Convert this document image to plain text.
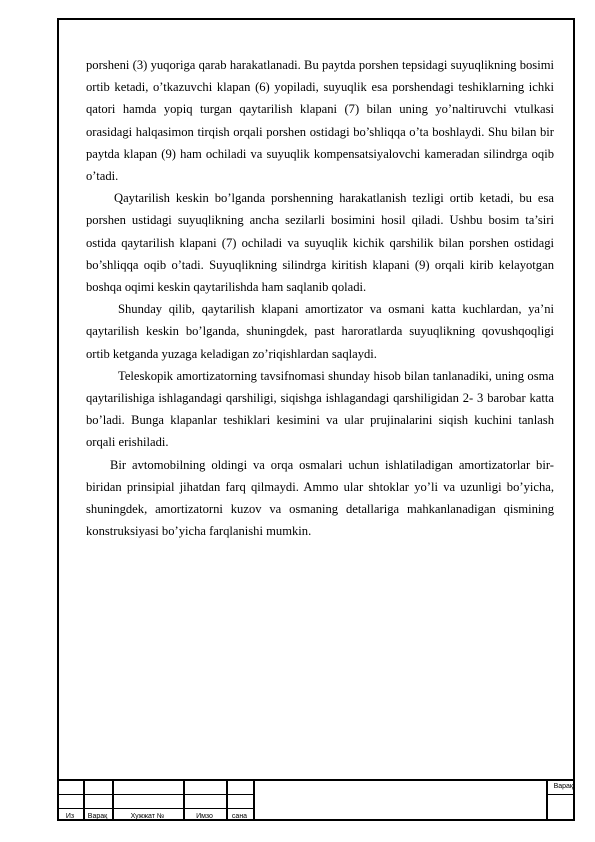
porsheni (3) yuqoriga qarab harakatlanadi. Bu paytda porshen tepsidagi suyuqlikning bosimi ortib ketadi, o’tkazuvchi klapan (6) yopiladi, suyuqlik esa porshendagi teshiklarning ichki qatori hamda yopiq turgan qaytarilish klapani (7) bilan uning yo’naltiruvchi vtulkasi orasidagi halqasimon tirqish orqali porshen ostidagi bo’shliqqa o’ta boshlaydi. Shu bilan bir paytda klapan (9) ham ochiladi va suyuqlik kompensatsiyalovchi kameradan silindrga oqib o’tadi.

Qaytarilish keskin bo’lganda porshenning harakatlanish tezligi ortib ketadi, bu esa porshen ustidagi suyuqlikning ancha sezilarli bosimini hosil qiladi. Ushbu bosim ta’siri ostida qaytarilish klapani (7) ochiladi va suyuqlik kichik qarshilik bilan porshen ostidagi bo’shliqqa oqib o’tadi. Suyuqlikning silindrga kiritish klapani (9) orqali kirib kelayotgan boshqa oqimi keskin qaytarilishda ham saqlanib qoladi.

Shunday qilib, qaytarilish klapani amortizator va osmani katta kuchlardan, ya’ni qaytarilish keskin bo’lganda, shuningdek, past haroratlarda suyuqlikning qovushqoqligi ortib ketganda yuzaga keladigan zo’riqishlardan saqlaydi.

Teleskopik amortizatorning tavsifnomasi shunday hisob bilan tanlanadiki, uning osma qaytarilishiga ishlagandagi qarshiligi, siqishga ishlagandagi qarshiligidan 2- 3 barobar katta bo’ladi. Bunga klapanlar teshiklari kesimini va ular prujinalarini siqish kuchini tanlash orqali erishiladi.

Bir avtomobilning oldingi va orqa osmalari uchun ishlatiladigan amortizatorlar bir- biridan prinsipial jihatdan farq qilmaydi. Ammo ular shtoklar yo’li va uzunligi bo’yicha, shuningdek, amortizatorni kuzov va osmaning detallariga mahkanlanadigan qismining konstruksiyasi bo’yicha farqlanishi mumkin.

Из	Варақ	Хужжат №	Имзо	сана
Варақ
